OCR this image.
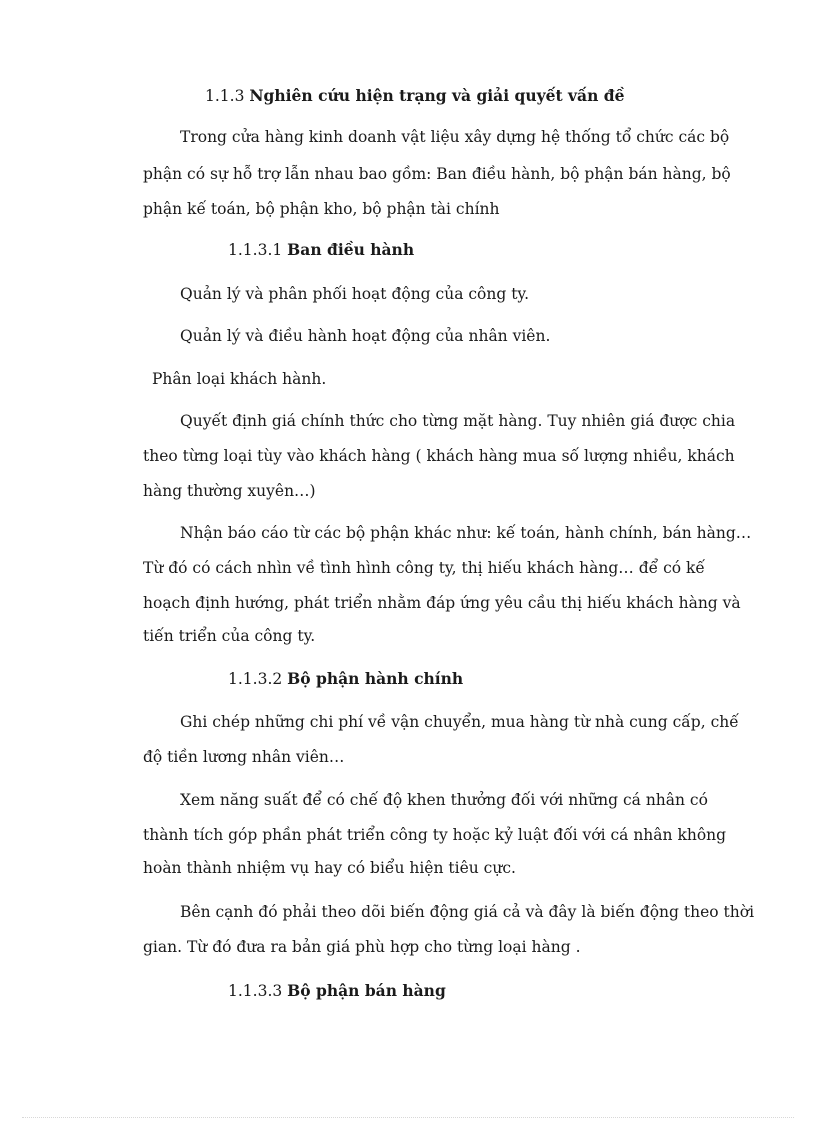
1.1.3 Nghiên cứu hiện trạng và giải quyết vấn đề

Trong cửa hàng kinh doanh vật liệu xây dựng hệ thống tổ chức các bộ

phận có sự hỗ trợ lẫn nhau bao gồm: Ban điều hành, bộ phận bán hàng, bộ

phận kế toán, bộ phận kho, bộ phận tài chính

1.1.3.1 Ban điều hành

Quản lý và phân phối hoạt động của công ty.

Quản lý và điều hành hoạt động của nhân viên.

Phân loại khách hành.

Quyết định giá chính thức cho từng mặt hàng. Tuy nhiên giá được chia

theo từng loại tùy vào khách hàng ( khách hàng mua số lượng nhiều, khách

hàng thường xuyên…)

Nhận báo cáo từ các bộ phận khác như: kế toán, hành chính, bán hàng…

Từ đó có cách nhìn về tình hình công ty, thị hiếu khách hàng… để có kế

hoạch định hướng, phát triển nhằm đáp ứng yêu cầu thị hiếu khách hàng và

tiến triển của công ty.

1.1.3.2 Bộ phận hành chính

Ghi chép những chi phí về vận chuyển, mua hàng từ nhà cung cấp, chế

độ tiền lương nhân viên…

Xem năng suất để có chế độ khen thưởng đối với những cá nhân có

thành tích góp phần phát triển công ty hoặc kỷ luật đối với cá nhân không

hoàn thành nhiệm vụ hay có biểu hiện tiêu cực.

Bên cạnh đó phải theo dõi biến động giá cả và đây là biến động theo thời

gian. Từ đó đưa ra bản giá phù hợp cho từng loại hàng .

1.1.3.3 Bộ phận bán hàng
